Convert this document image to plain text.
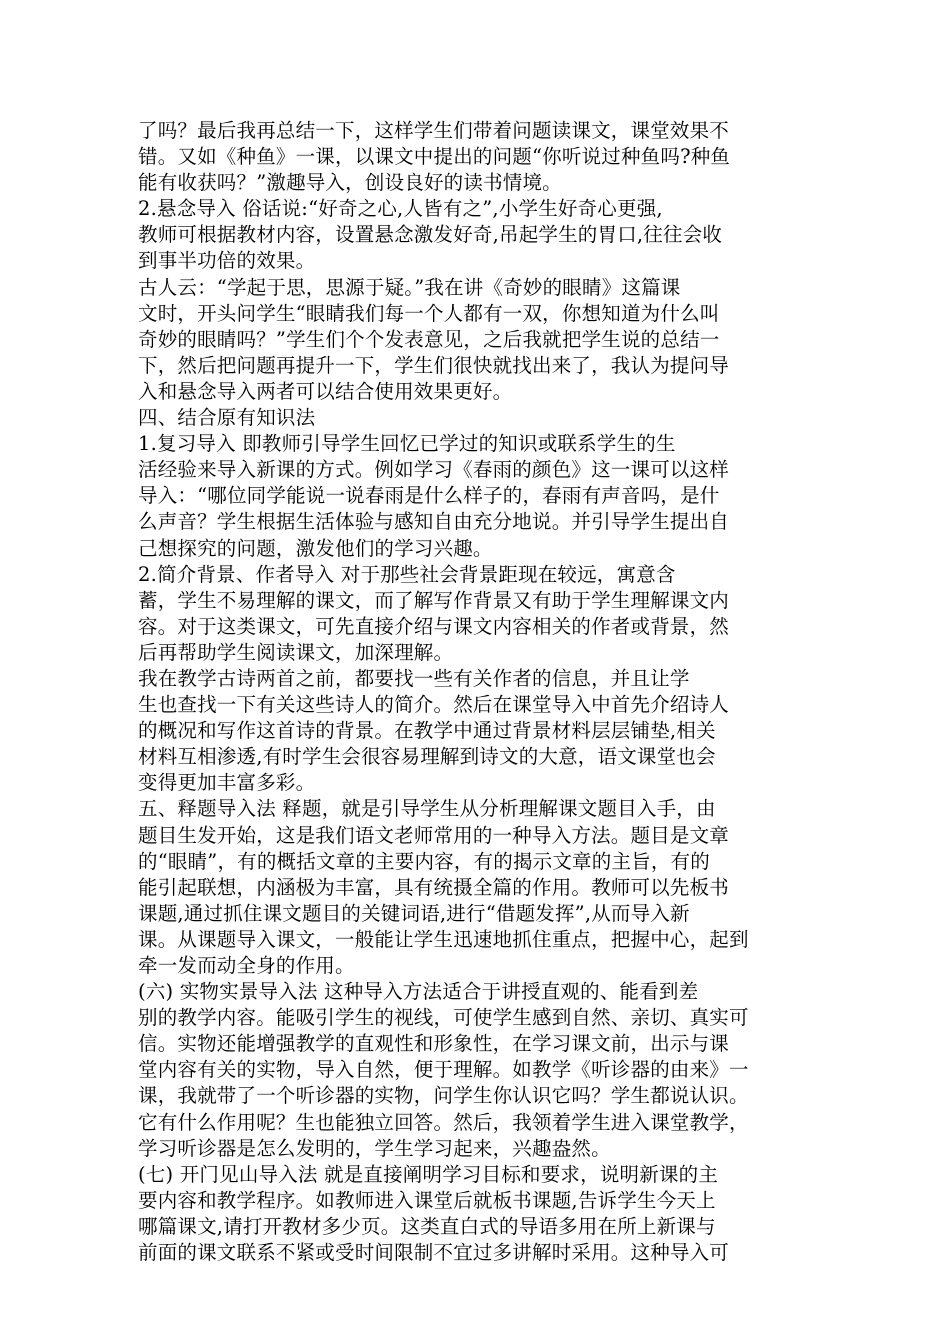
了吗？最后我再总结一下，这样学生们带着问题读课文，课堂效果不
错。又如《种鱼》一课，以课文中提出的问题“你听说过种鱼吗?种鱼
能有收获吗？”激趣导入，创设良好的读书情境。
2.悬念导入 俗话说:“好奇之心,人皆有之”,小学生好奇心更强,
教师可根据教材内容，设置悬念激发好奇,吊起学生的胃口,往往会收
到事半功倍的效果。
古人云：“学起于思，思源于疑。”我在讲《奇妙的眼睛》这篇课
文时，开头问学生“眼睛我们每一个人都有一双，你想知道为什么叫
奇妙的眼睛吗？”学生们个个发表意见，之后我就把学生说的总结一
下，然后把问题再提升一下，学生们很快就找出来了，我认为提问导
入和悬念导入两者可以结合使用效果更好。
四、结合原有知识法
1.复习导入 即教师引导学生回忆已学过的知识或联系学生的生
活经验来导入新课的方式。例如学习《春雨的颜色》这一课可以这样
导入：“哪位同学能说一说春雨是什么样子的，春雨有声音吗，是什
么声音？学生根据生活体验与感知自由充分地说。并引导学生提出自
己想探究的问题，激发他们的学习兴趣。
2.简介背景、作者导入 对于那些社会背景距现在较远，寓意含
蓄，学生不易理解的课文，而了解写作背景又有助于学生理解课文内
容。对于这类课文，可先直接介绍与课文内容相关的作者或背景，然
后再帮助学生阅读课文，加深理解。
我在教学古诗两首之前，都要找一些有关作者的信息，并且让学
生也查找一下有关这些诗人的简介。然后在课堂导入中首先介绍诗人
的概况和写作这首诗的背景。在教学中通过背景材料层层铺垫,相关
材料互相渗透,有时学生会很容易理解到诗文的大意，语文课堂也会
变得更加丰富多彩。
五、释题导入法 释题，就是引导学生从分析理解课文题目入手，由
题目生发开始，这是我们语文老师常用的一种导入方法。题目是文章
的“眼睛”，有的概括文章的主要内容，有的揭示文章的主旨，有的
能引起联想，内涵极为丰富，具有统摄全篇的作用。教师可以先板书
课题,通过抓住课文题目的关键词语,进行“借题发挥”,从而导入新
课。从课题导入课文，一般能让学生迅速地抓住重点，把握中心，起到
牵一发而动全身的作用。
(六) 实物实景导入法 这种导入方法适合于讲授直观的、能看到差
别的教学内容。能吸引学生的视线，可使学生感到自然、亲切、真实可
信。实物还能增强教学的直观性和形象性，在学习课文前，出示与课
堂内容有关的实物，导入自然，便于理解。如教学《听诊器的由来》一
课，我就带了一个听诊器的实物，问学生你认识它吗？学生都说认识。
它有什么作用呢？生也能独立回答。然后，我领着学生进入课堂教学，
学习听诊器是怎么发明的，学生学习起来，兴趣盎然。
(七) 开门见山导入法 就是直接阐明学习目标和要求，说明新课的主
要内容和教学程序。如教师进入课堂后就板书课题,告诉学生今天上
哪篇课文,请打开教材多少页。这类直白式的导语多用在所上新课与
前面的课文联系不紧或受时间限制不宜过多讲解时采用。这种导入可
